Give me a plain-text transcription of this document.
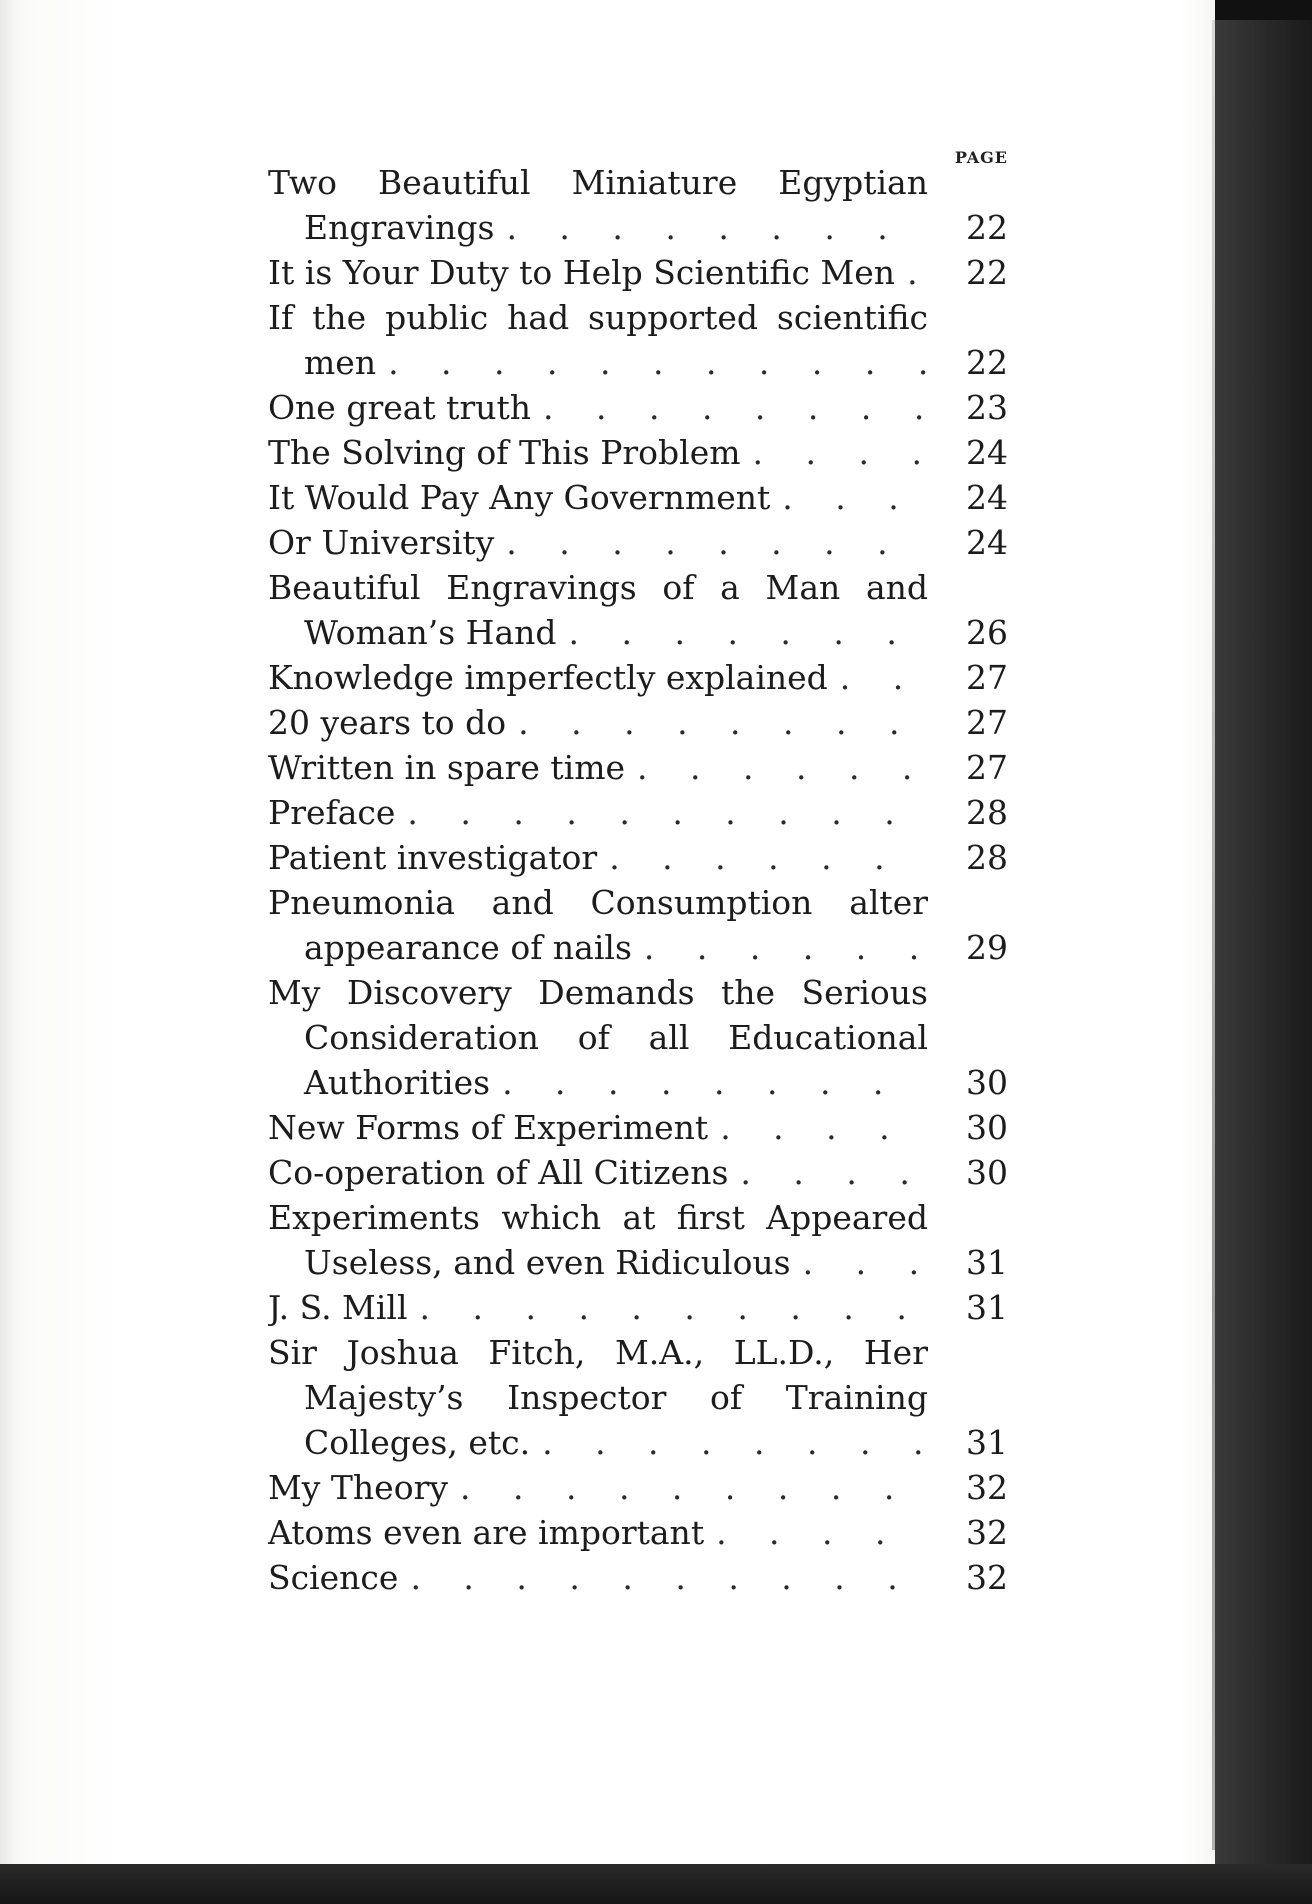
PAGE
Two Beautiful Miniature Egyptian
Engravings . . .	22
It is Your Duty to Help Scientific Men . . .	22
If the public had supported scientific
men . . .	22
One great truth . . .	23
The Solving of This Problem . . .	24
It Would Pay Any Government . . .	24
Or University . . .	24
Beautiful Engravings of a Man and
Woman’s Hand . . .	26
Knowledge imperfectly explained . . .	27
20 years to do . . .	27
Written in spare time . . .	27
Preface . . .	28
Patient investigator . . .	28
Pneumonia and Consumption alter
appearance of nails . . .	29
My Discovery Demands the Serious
Consideration of all Educational
Authorities . . .	30
New Forms of Experiment . . .	30
Co-operation of All Citizens . . .	30
Experiments which at first Appeared
Useless, and even Ridiculous . . .	31
J. S. Mill . . .	31
Sir Joshua Fitch, M.A., LL.D., Her
Majesty’s Inspector of Training
Colleges, etc. . . .	31
My Theory . . .	32
Atoms even are important . . .	32
Science . . .	32
